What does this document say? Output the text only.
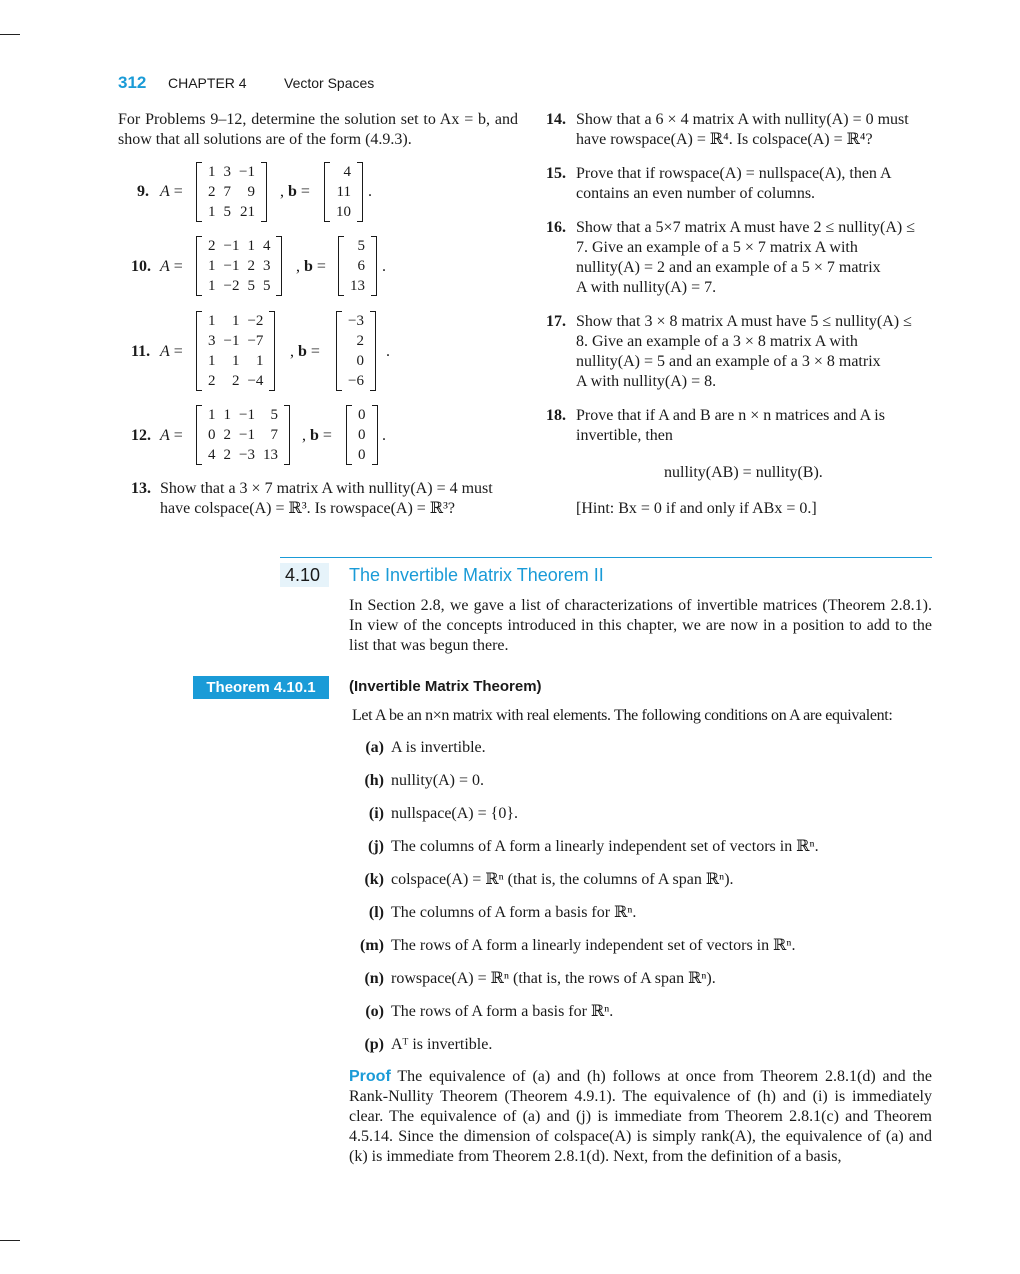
312 CHAPTER 4	Vector Spaces
For Problems 9–12, determine the solution set to Ax = b, and show that all solutions are of the form (4.9.3).
9. A =
1	3	−1
2	7	9
1	5	21
, b =
4
11
10
.
10. A =
2	−1	1	4
1	−1	2	3
1	−2	5	5
, b =
5
6
13
.
11. A =
1	1	−2
3	−1	−7
1	1	1
2	2	−4
, b =
−3
2
0
−6
.
12. A =
1	1	−1	5
0	2	−1	7
4	2	−3	13
, b =
0
0
0
.
13. Show that a 3 × 7 matrix A with nullity(A) = 4 must
have colspace(A) = ℝ³. Is rowspace(A) = ℝ³?
14. Show that a 6 × 4 matrix A with nullity(A) = 0 must
have rowspace(A) = ℝ⁴. Is colspace(A) = ℝ⁴?
15. Prove that if rowspace(A) = nullspace(A), then A
contains an even number of columns.
16. Show that a 5×7 matrix A must have 2 ≤ nullity(A) ≤
7. Give an example of a 5 × 7 matrix A with
nullity(A) = 2 and an example of a 5 × 7 matrix
A with nullity(A) = 7.
17. Show that 3 × 8 matrix A must have 5 ≤ nullity(A) ≤
8. Give an example of a 3 × 8 matrix A with
nullity(A) = 5 and an example of a 3 × 8 matrix
A with nullity(A) = 8.
18. Prove that if A and B are n × n matrices and A is
invertible, then
nullity(AB) = nullity(B).
[Hint: Bx = 0 if and only if ABx = 0.]
4.10 The Invertible Matrix Theorem II
In Section 2.8, we gave a list of characterizations of invertible matrices (Theorem 2.8.1). In view of the concepts introduced in this chapter, we are now in a position to add to the list that was begun there.
Theorem 4.10.1	(Invertible Matrix Theorem)
Let A be an n×n matrix with real elements. The following conditions on A are equivalent:
(a) A is invertible.
(h) nullity(A) = 0.
(i) nullspace(A) = {0}.
(j) The columns of A form a linearly independent set of vectors in ℝⁿ.
(k) colspace(A) = ℝⁿ (that is, the columns of A span ℝⁿ).
(l) The columns of A form a basis for ℝⁿ.
(m) The rows of A form a linearly independent set of vectors in ℝⁿ.
(n) rowspace(A) = ℝⁿ (that is, the rows of A span ℝⁿ).
(o) The rows of A form a basis for ℝⁿ.
(p) Aᵀ is invertible.
Proof The equivalence of (a) and (h) follows at once from Theorem 2.8.1(d) and the Rank-Nullity Theorem (Theorem 4.9.1). The equivalence of (h) and (i) is immediately clear. The equivalence of (a) and (j) is immediate from Theorem 2.8.1(c) and Theorem 4.5.14. Since the dimension of colspace(A) is simply rank(A), the equivalence of (a) and (k) is immediate from Theorem 2.8.1(d). Next, from the definition of a basis,
